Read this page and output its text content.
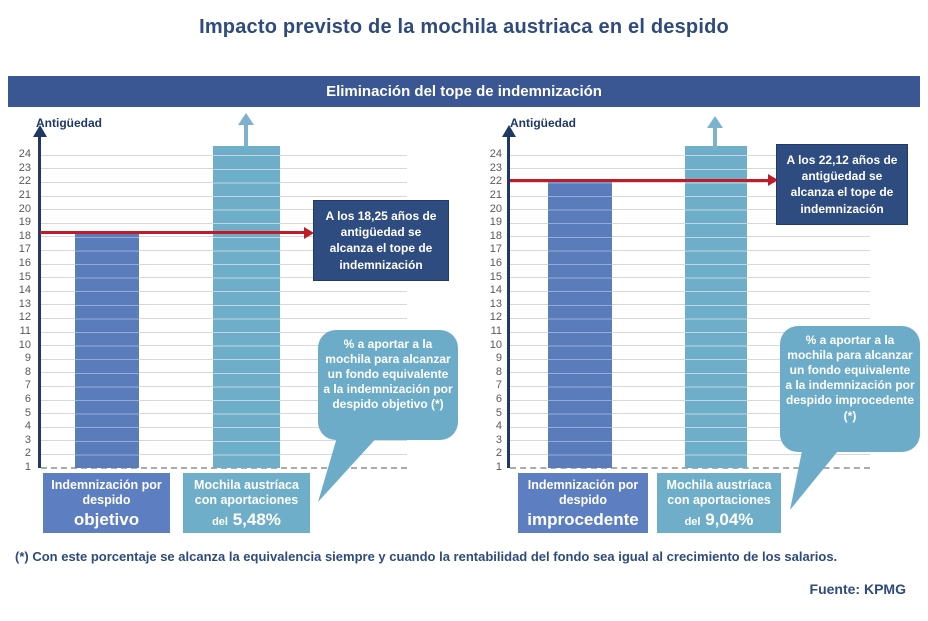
Impacto previsto de la mochila austriaca en el despido
Eliminación del tope de indemnización
Antigüedad
A los 18,25 años de antigüedad se alcanza el tope de indemnización
% a aportar a la mochila para alcanzar un fondo equivalente a la indemnización por despido objetivo (*)
Indemnización por despido
objetivo
Mochila austríaca con aportaciones
del 5,48%
1
2
3
4
5
6
7
8
9
10
11
12
13
14
15
16
17
18
19
20
21
22
23
24
Antigüedad
A los 22,12 años de antigüedad se alcanza el tope de indemnización
% a aportar a la mochila para alcanzar un fondo equivalente a la indemnización por despido improcedente (*)
Indemnización por despido
improcedente
Mochila austríaca con aportaciones
del 9,04%
1
2
3
4
5
6
7
8
9
10
11
12
13
14
15
16
17
18
19
20
21
22
23
24
(*) Con este porcentaje se alcanza la equivalencia siempre y cuando la rentabilidad del fondo sea igual al crecimiento de los salarios.
Fuente: KPMG
